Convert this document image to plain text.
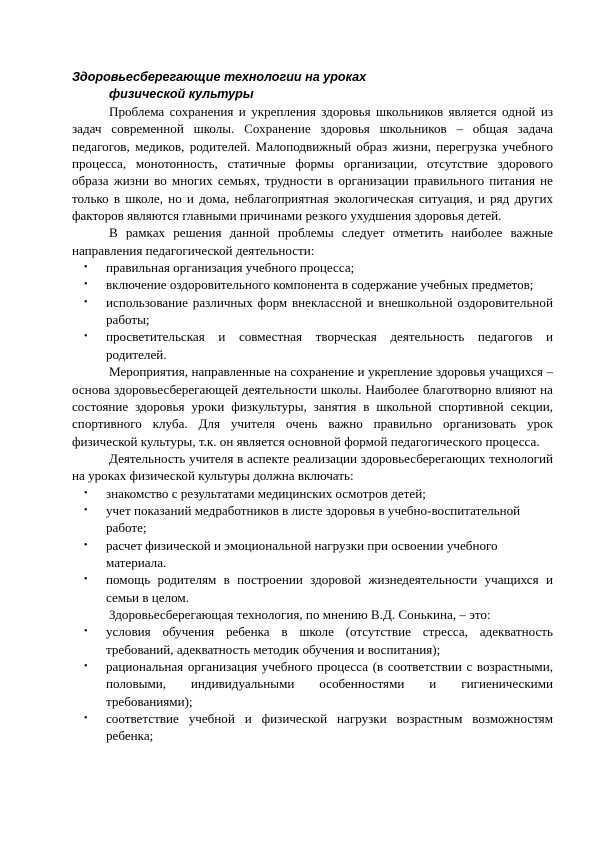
Здоровьесберегающие технологии на уроках
физической культуры

Проблема сохранения и укрепления здоровья школьников является одной из задач современной школы. Сохранение здоровья школьников – общая задача педагогов, медиков, родителей. Малоподвижный образ жизни, перегрузка учебного процесса, монотонность, статичные формы организации, отсутствие здорового образа жизни во многих семьях, трудности в организации правильного питания не только в школе, но и дома, неблагоприятная экологическая ситуация, и ряд других факторов являются главными причинами резкого ухудшения здоровья детей.

В рамках решения данной проблемы следует отметить наиболее важные направления педагогической деятельности:

• правильная организация учебного процесса;
• включение оздоровительного компонента в содержание учебных предметов;
• использование различных форм внеклассной и внешкольной оздоровительной работы;
• просветительская и совместная творческая деятельность педагогов и родителей.

Мероприятия, направленные на сохранение и укрепление здоровья учащихся – основа здоровьесберегающей деятельности школы. Наиболее благотворно влияют на состояние здоровья уроки физкультуры, занятия в школьной спортивной секции, спортивного клуба. Для учителя очень важно правильно организовать урок физической культуры, т.к. он является основной формой педагогического процесса.

Деятельность учителя в аспекте реализации здоровьесберегающих технологий на уроках физической культуры должна включать:

• знакомство с результатами медицинских осмотров детей;
• учет показаний медработников в листе здоровья в учебно-воспитательной работе;
• расчет физической и эмоциональной нагрузки при освоении учебного материала.
• помощь родителям в построении здоровой жизнедеятельности учащихся и семьи в целом.

Здоровьесберегающая технология, по мнению В.Д. Сонькина, – это:

• условия обучения ребенка в школе (отсутствие стресса, адекватность требований, адекватность методик обучения и воспитания);
• рациональная организация учебного процесса (в соответствии с возрастными, половыми, индивидуальными особенностями и гигиеническими требованиями);
• соответствие учебной и физической нагрузки возрастным возможностям ребенка;
